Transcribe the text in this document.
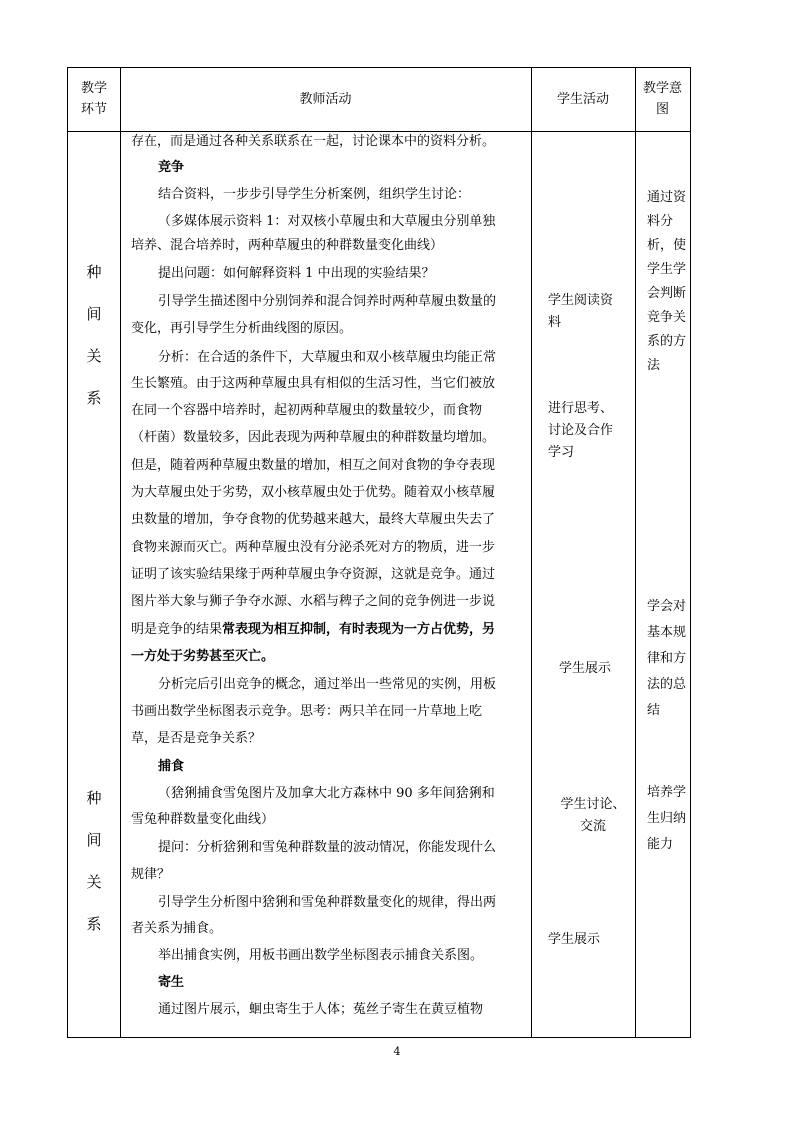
教学
环节
教师活动	学生活动
教学意
图
种
间
关
系
种
间
关
系
学生阅读资
料
进行思考、
讨论及合作
学习
学生展示
学生讨论、
交流
学生展示
通过资
料分
析，使
学生学
会判断
竞争关
系的方
法
学会对
基本规
律和方
法的总
结
培养学
生归纳
能力
存在，而是通过各种关系联系在一起，讨论课本中的资料分析。
竞争
结合资料，一步步引导学生分析案例，组织学生讨论：
（多媒体展示资料 1：对双核小草履虫和大草履虫分别单独
培养、混合培养时，两种草履虫的种群数量变化曲线）
提出问题：如何解释资料 1 中出现的实验结果？
引导学生描述图中分别饲养和混合饲养时两种草履虫数量的
变化，再引导学生分析曲线图的原因。
分析：在合适的条件下，大草履虫和双小核草履虫均能正常
生长繁殖。由于这两种草履虫具有相似的生活习性，当它们被放
在同一个容器中培养时，起初两种草履虫的数量较少，而食物
（杆菌）数量较多，因此表现为两种草履虫的种群数量均增加。
但是，随着两种草履虫数量的增加，相互之间对食物的争夺表现
为大草履虫处于劣势，双小核草履虫处于优势。随着双小核草履
虫数量的增加，争夺食物的优势越来越大，最终大草履虫失去了
食物来源而灭亡。两种草履虫没有分泌杀死对方的物质，进一步
证明了该实验结果缘于两种草履虫争夺资源，这就是竞争。通过
图片举大象与狮子争夺水源、水稻与稗子之间的竞争例进一步说
明是竞争的结果常表现为相互抑制，有时表现为一方占优势，另
一方处于劣势甚至灭亡。
分析完后引出竞争的概念，通过举出一些常见的实例，用板
书画出数学坐标图表示竞争。思考：两只羊在同一片草地上吃
草，是否是竞争关系？
捕食
（猞猁捕食雪兔图片及加拿大北方森林中 90 多年间猞猁和
雪兔种群数量变化曲线）
提问：分析猞猁和雪兔种群数量的波动情况，你能发现什么
规律？
引导学生分析图中猞猁和雪兔种群数量变化的规律，得出两
者关系为捕食。
举出捕食实例，用板书画出数学坐标图表示捕食关系图。
寄生
通过图片展示，蛔虫寄生于人体；菟丝子寄生在黄豆植物
4
